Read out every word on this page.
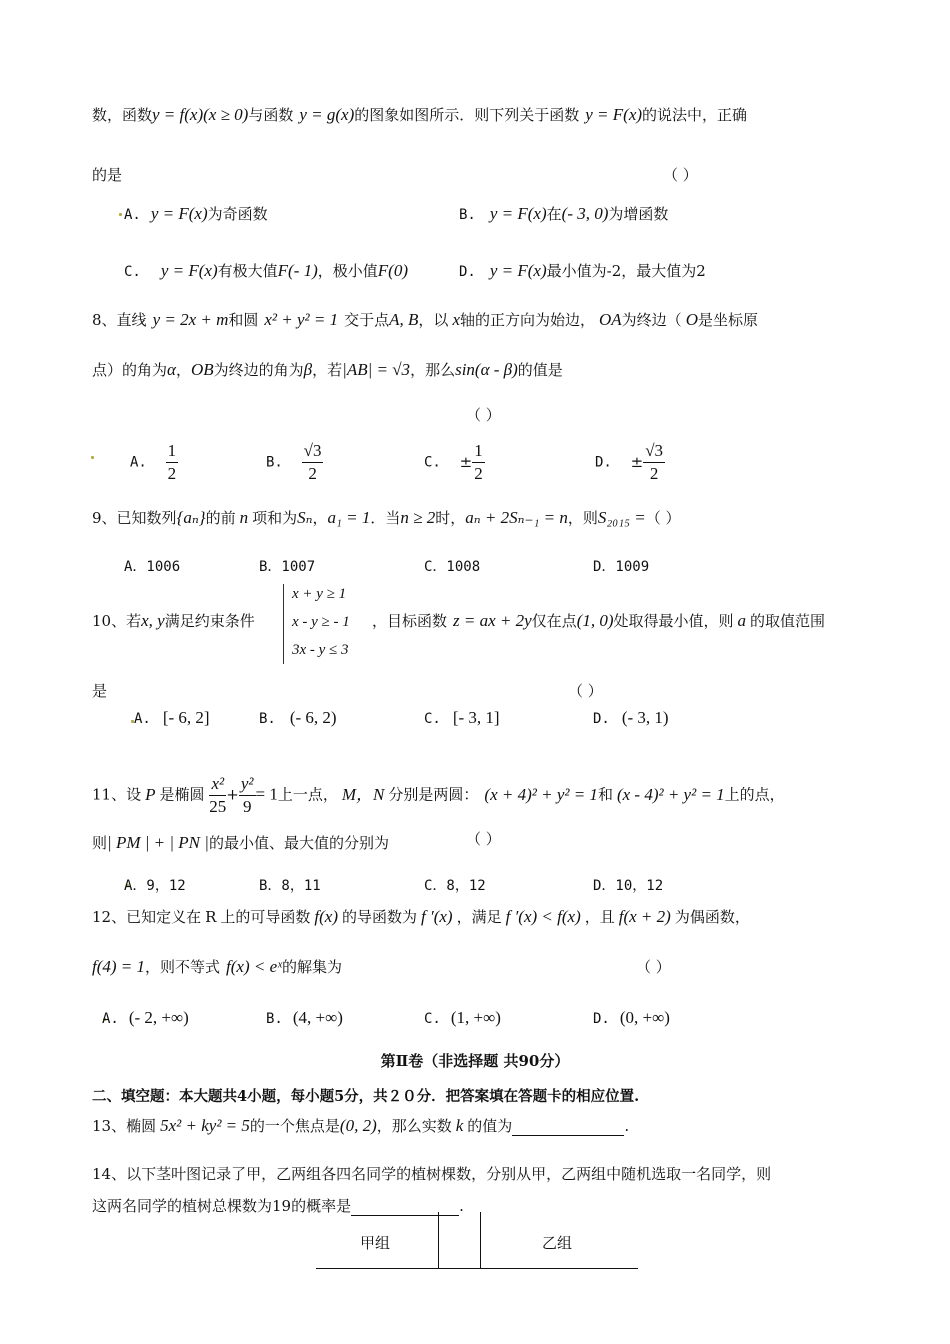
数，函数y = f(x)(x ≥ 0)与函数 y = g(x)的图象如图所示．则下列关于函数 y = F(x)的说法中，正确
的是	（ ）
A. y = F(x)为奇函数	B. y = F(x)在(- 3, 0)为增函数
C. y = F(x)有极大值F(- 1)，极小值F(0)	D. y = F(x)最小值为-2，最大值为2
8、直线 y = 2x + m和圆 x² + y² = 1 交于点A, B，以 x轴的正方向为始边， OA为终边（ O是坐标原
点）的角为α，OB为终边的角为β，若|AB| = √3，那么sin(α - β)的值是
（ ）
A. $\frac{1}{2}$	B. $\frac{√3}{2}$	C. ± $\frac{1}{2}$	D. ± $\frac{√3}{2}$
9、已知数列{aₙ}的前 n 项和为Sₙ，a₁ = 1．当n ≥ 2时，aₙ + 2Sₙ₋₁ = n，则S₂₀₁₅ =（ ）
A．1006	B．1007	C．1008	D．1009
10、若x, y满足约束条件
x + y ≥ 1
x - y ≥ - 1
3x - y ≤ 3
，目标函数 z = ax + 2y仅在点(1, 0)处取得最小值，则 a 的取值范围
是	（ ）
A. [- 6, 2]	B. (- 6, 2)	C. [- 3, 1]	D. (- 3, 1)
11、设 P 是椭圆 $\frac{\text{x²}}{25} + \frac{\text{y²}}{9} = 1$上一点， M，N 分别是两圆： (x + 4)² + y² = 1和 (x - 4)² + y² = 1上的点，
则| PM | + | PN |的最小值、最大值的分别为	（ ）
A．9，12	B．8，11	C．8，12	D．10，12
12、已知定义在 R 上的可导函数 f(x) 的导函数为 f ′(x) ，满足 f ′(x) < f(x) ，且 f(x + 2) 为偶函数，
f(4) = 1，则不等式 f(x) < eˣ的解集为	（ ）
A. (- 2, +∞)	B. (4, +∞)	C. (1, +∞)	D. (0, +∞)
第Ⅱ卷（非选择题 共90分）
二、填空题：本大题共4小题，每小题5分，共２０分．把答案填在答题卡的相应位置.
13、椭圆 5x² + ky² = 5的一个焦点是(0, 2)，那么实数 k 的值为	.
14、以下茎叶图记录了甲，乙两组各四名同学的植树棵数，分别从甲，乙两组中随机选取一名同学，则
这两名同学的植树总棵数为19的概率是	.
甲组	乙组
